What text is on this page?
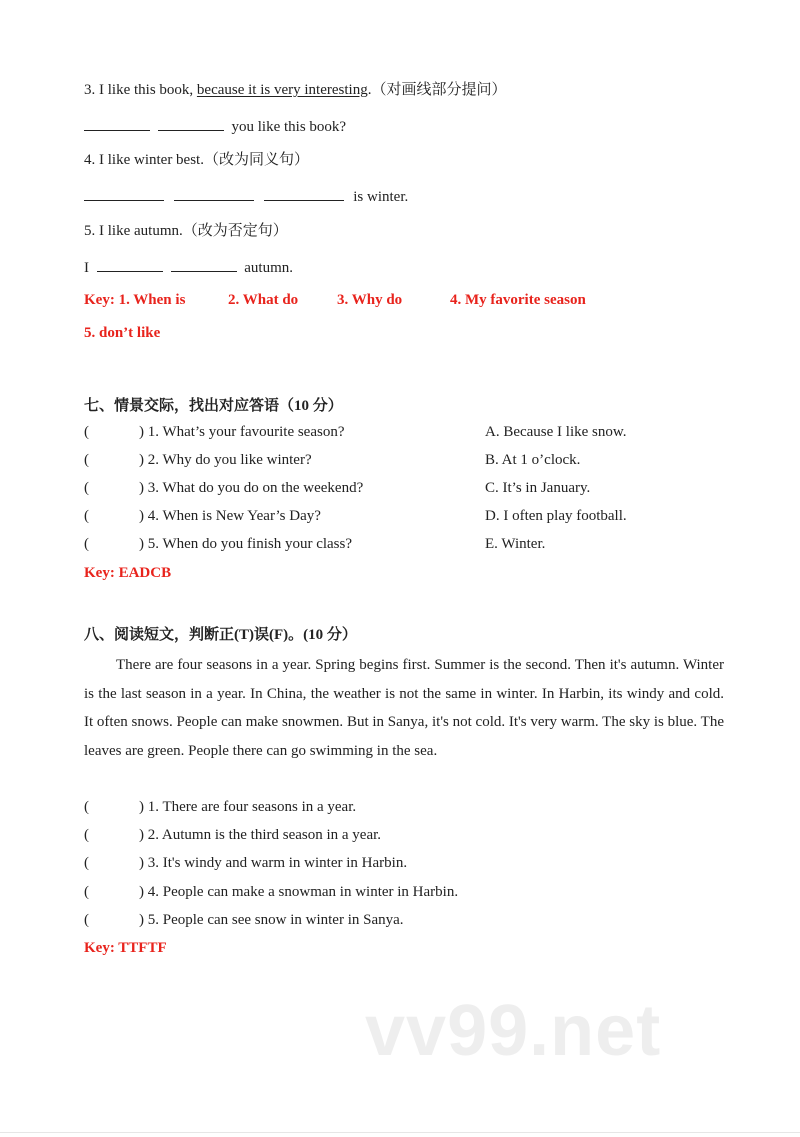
3. I like this book, because it is very interesting.（对画线部分提问）
you like this book?
4. I like winter best.（改为同义句）
is winter.
5. I like autumn.（改为否定句）
I	autumn.
Key: 1. When is	2. What do	3. Why do	4. My favorite season
5. don’t like
七、情景交际，找出对应答语（10 分）
(	) 1. What’s your favourite season?	A. Because I like snow.
(	) 2. Why do you like winter?	B. At 1 o’clock.
(	) 3. What do you do on the weekend?	C. It’s in January.
(	) 4. When is New Year’s Day?	D. I often play football.
(	) 5. When do you finish your class?	E. Winter.
Key: EADCB
八、阅读短文，判断正(T)误(F)。(10 分）
There are four seasons in a year. Spring begins first. Summer is the second. Then it's autumn. Winter is the last season in a year. In China, the weather is not the same in winter. In Harbin, its windy and cold. It often snows. People can make snowmen. But in Sanya, it's not cold. It's very warm. The sky is blue. The leaves are green. People there can go swimming in the sea.
(	) 1. There are four seasons in a year.
(	) 2. Autumn is the third season in a year.
(	) 3. It's windy and warm in winter in Harbin.
(	) 4. People can make a snowman in winter in Harbin.
(	) 5. People can see snow in winter in Sanya.
Key: TTFTF
vv99.net
